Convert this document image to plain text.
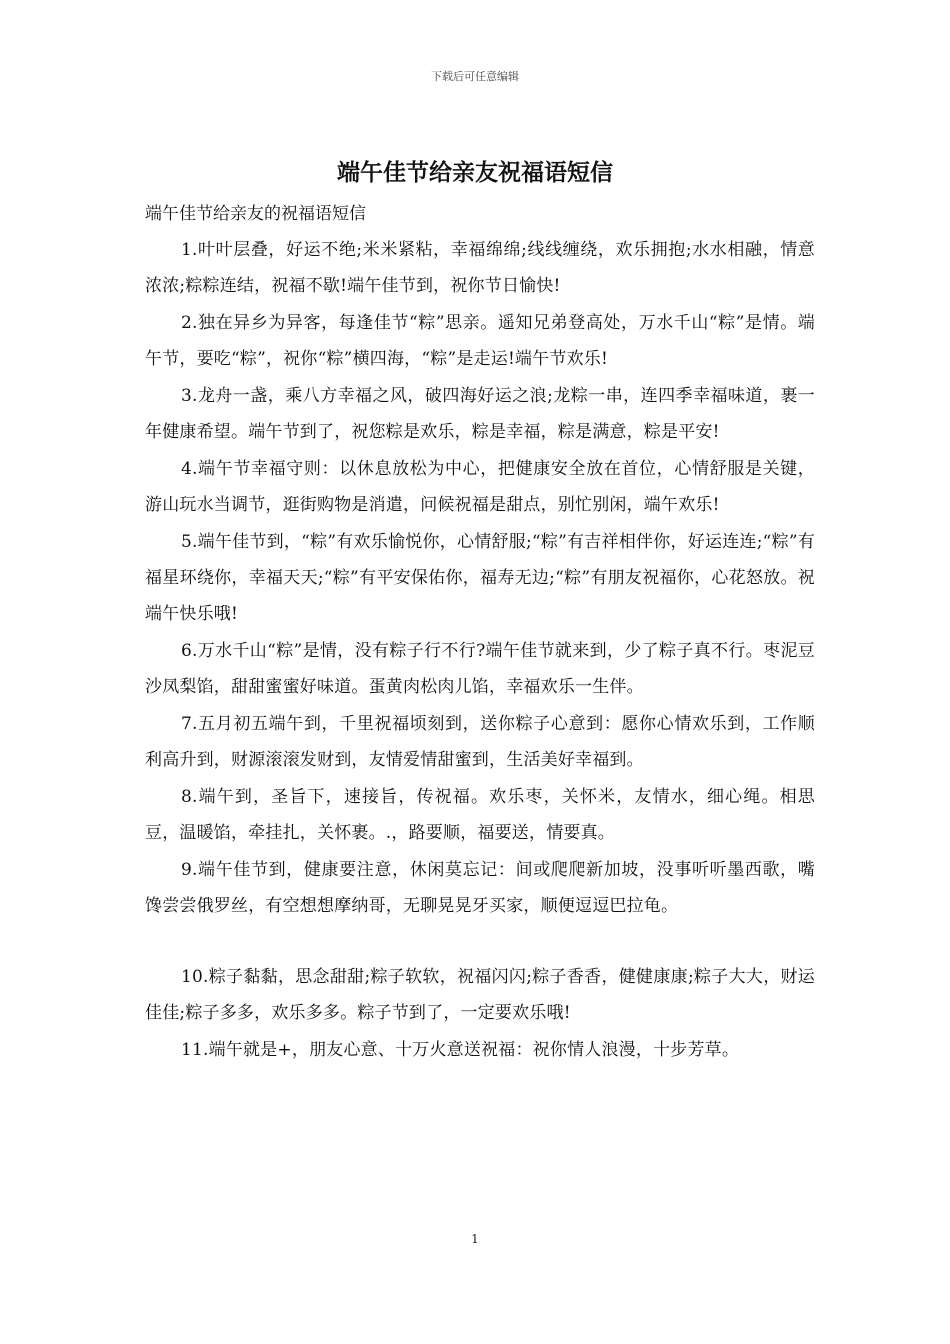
下载后可任意编辑
端午佳节给亲友祝福语短信

端午佳节给亲友的祝福语短信

1.叶叶层叠，好运不绝;米米紧粘，幸福绵绵;线线缠绕，欢乐拥抱;水水相融，情意浓浓;粽粽连结，祝福不歇!端午佳节到，祝你节日愉快!

2.独在异乡为异客，每逢佳节“粽”思亲。遥知兄弟登高处，万水千山“粽”是情。端午节，要吃“粽”，祝你“粽”横四海，“粽”是走运!端午节欢乐!

3.龙舟一盏，乘八方幸福之风，破四海好运之浪;龙粽一串，连四季幸福味道，裹一年健康希望。端午节到了，祝您粽是欢乐，粽是幸福，粽是满意，粽是平安!

4.端午节幸福守则：以休息放松为中心，把健康安全放在首位，心情舒服是关键，游山玩水当调节，逛街购物是消遣，问候祝福是甜点，别忙别闲，端午欢乐!

5.端午佳节到，“粽”有欢乐愉悦你，心情舒服;“粽”有吉祥相伴你，好运连连;“粽”有福星环绕你，幸福天天;“粽”有平安保佑你，福寿无边;“粽”有朋友祝福你，心花怒放。祝端午快乐哦!

6.万水千山“粽”是情，没有粽子行不行?端午佳节就来到，少了粽子真不行。枣泥豆沙凤梨馅，甜甜蜜蜜好味道。蛋黄肉松肉儿馅，幸福欢乐一生伴。

7.五月初五端午到，千里祝福顷刻到，送你粽子心意到：愿你心情欢乐到，工作顺利高升到，财源滚滚发财到，友情爱情甜蜜到，生活美好幸福到。

8.端午到，圣旨下，速接旨，传祝福。欢乐枣，关怀米，友情水，细心绳。相思豆，温暖馅，牵挂扎，关怀裹。.，路要顺，福要送，情要真。

9.端午佳节到，健康要注意，休闲莫忘记：间或爬爬新加坡，没事听听墨西歌，嘴馋尝尝俄罗丝，有空想想摩纳哥，无聊晃晃牙买家，顺便逗逗巴拉龟。

10.粽子黏黏，思念甜甜;粽子软软，祝福闪闪;粽子香香，健健康康;粽子大大，财运佳佳;粽子多多，欢乐多多。粽子节到了，一定要欢乐哦!

11.端午就是+，朋友心意、十万火意送祝福：祝你情人浪漫，十步芳草。

1
